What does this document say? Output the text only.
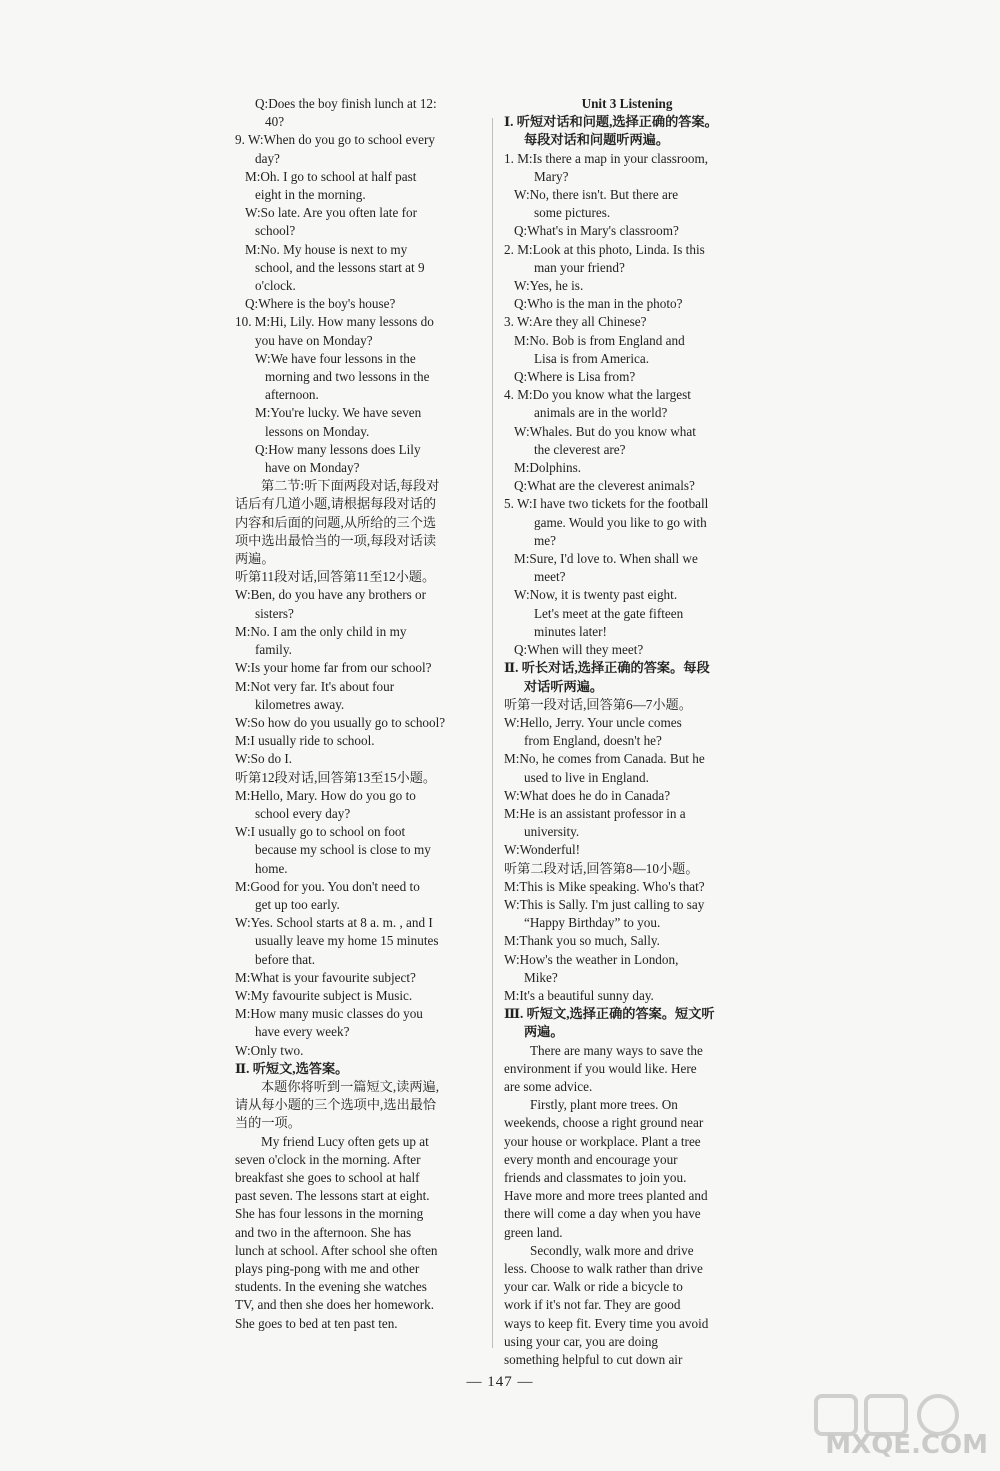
Q:Does the boy finish lunch at 12:

40?

9. W:When do you go to school every

day?

M:Oh. I go to school at half past

eight in the morning.

W:So late. Are you often late for

school?

M:No. My house is next to my

school, and the lessons start at 9

o'clock.

Q:Where is the boy's house?

10. M:Hi, Lily. How many lessons do

you have on Monday?

W:We have four lessons in the

morning and two lessons in the

afternoon.

M:You're lucky. We have seven

lessons on Monday.

Q:How many lessons does Lily

have on Monday?

第二节:听下面两段对话,每段对

话后有几道小题,请根据每段对话的

内容和后面的问题,从所给的三个选

项中选出最恰当的一项,每段对话读

两遍。

听第11段对话,回答第11至12小题。

W:Ben, do you have any brothers or

sisters?

M:No. I am the only child in my

family.

W:Is your home far from our school?

M:Not very far. It's about four

kilometres away.

W:So how do you usually go to school?

M:I usually ride to school.

W:So do I.

听第12段对话,回答第13至15小题。

M:Hello, Mary. How do you go to

school every day?

W:I usually go to school on foot

because my school is close to my

home.

M:Good for you. You don't need to

get up too early.

W:Yes. School starts at 8 a. m. , and I

usually leave my home 15 minutes

before that.

M:What is your favourite subject?

W:My favourite subject is Music.

M:How many music classes do you

have every week?

W:Only two.

Ⅱ. 听短文,选答案。

本题你将听到一篇短文,读两遍,

请从每小题的三个选项中,选出最恰

当的一项。

My friend Lucy often gets up at

seven o'clock in the morning. After

breakfast she goes to school at half

past seven. The lessons start at eight.

She has four lessons in the morning

and two in the afternoon. She has

lunch at school. After school she often

plays ping-pong with me and other

students. In the evening she watches

TV, and then she does her homework.

She goes to bed at ten past ten.

Unit 3 Listening

Ⅰ. 听短对话和问题,选择正确的答案。

每段对话和问题听两遍。

1. M:Is there a map in your classroom,

Mary?

W:No, there isn't. But there are

some pictures.

Q:What's in Mary's classroom?

2. M:Look at this photo, Linda. Is this

man your friend?

W:Yes, he is.

Q:Who is the man in the photo?

3. W:Are they all Chinese?

M:No. Bob is from England and

Lisa is from America.

Q:Where is Lisa from?

4. M:Do you know what the largest

animals are in the world?

W:Whales. But do you know what

the cleverest are?

M:Dolphins.

Q:What are the cleverest animals?

5. W:I have two tickets for the football

game. Would you like to go with

me?

M:Sure, I'd love to. When shall we

meet?

W:Now, it is twenty past eight.

Let's meet at the gate fifteen

minutes later!

Q:When will they meet?

Ⅱ. 听长对话,选择正确的答案。每段

对话听两遍。

听第一段对话,回答第6—7小题。

W:Hello, Jerry. Your uncle comes

from England, doesn't he?

M:No, he comes from Canada. But he

used to live in England.

W:What does he do in Canada?

M:He is an assistant professor in a

university.

W:Wonderful!

听第二段对话,回答第8—10小题。

M:This is Mike speaking. Who's that?

W:This is Sally. I'm just calling to say

“Happy Birthday” to you.

M:Thank you so much, Sally.

W:How's the weather in London,

Mike?

M:It's a beautiful sunny day.

Ⅲ. 听短文,选择正确的答案。短文听

两遍。

There are many ways to save the

environment if you would like. Here

are some advice.

Firstly, plant more trees. On

weekends, choose a right ground near

your house or workplace. Plant a tree

every month and encourage your

friends and classmates to join you.

Have more and more trees planted and

there will come a day when you have

green land.

Secondly, walk more and drive

less. Choose to walk rather than drive

your car. Walk or ride a bicycle to

work if it's not far. They are good

ways to keep fit. Every time you avoid

using your car, you are doing

something helpful to cut down air

— 147 —
MXQE.COM
